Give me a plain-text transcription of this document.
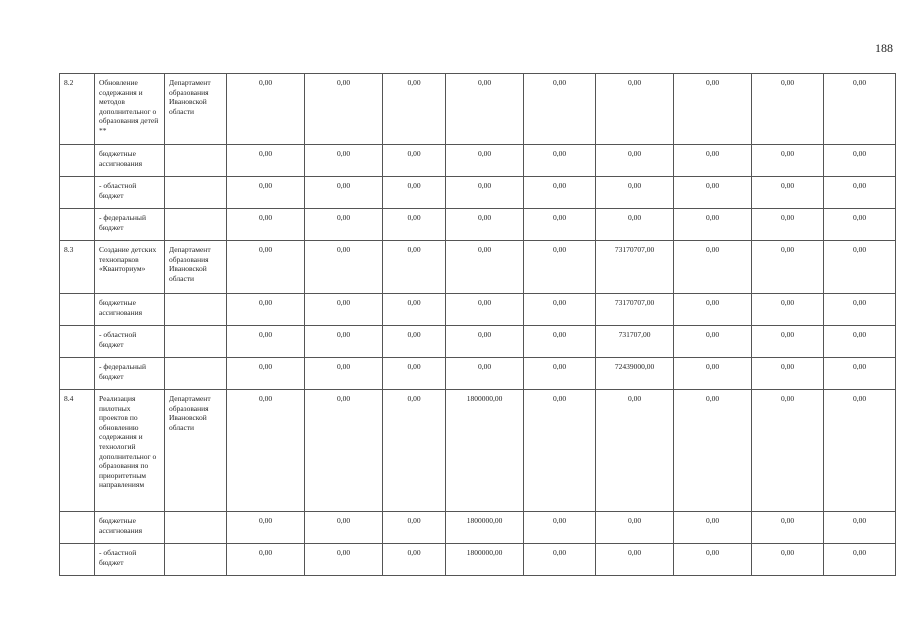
188
8.2	Обновление содержания и методов дополнительног о образования детей **	Департамент образования Ивановской области	0,00	0,00	0,00	0,00	0,00	0,00	0,00	0,00	0,00
	бюджетные ассигнования		0,00	0,00	0,00	0,00	0,00	0,00	0,00	0,00	0,00
	- областной бюджет		0,00	0,00	0,00	0,00	0,00	0,00	0,00	0,00	0,00
	- федеральный бюджет		0,00	0,00	0,00	0,00	0,00	0,00	0,00	0,00	0,00
8.3	Создание детских технопарков «Кванториум»	Департамент образования Ивановской области	0,00	0,00	0,00	0,00	0,00	73170707,00	0,00	0,00	0,00
	бюджетные ассигнования		0,00	0,00	0,00	0,00	0,00	73170707,00	0,00	0,00	0,00
	- областной бюджет		0,00	0,00	0,00	0,00	0,00	731707,00	0,00	0,00	0,00
	- федеральный бюджет		0,00	0,00	0,00	0,00	0,00	72439000,00	0,00	0,00	0,00
8.4	Реализация пилотных проектов по обновлению содержания и технологий дополнительног о образования по приоритетным направлениям	Департамент образования Ивановской области	0,00	0,00	0,00	1800000,00	0,00	0,00	0,00	0,00	0,00
	бюджетные ассигнования		0,00	0,00	0,00	1800000,00	0,00	0,00	0,00	0,00	0,00
	- областной бюджет		0,00	0,00	0,00	1800000,00	0,00	0,00	0,00	0,00	0,00
